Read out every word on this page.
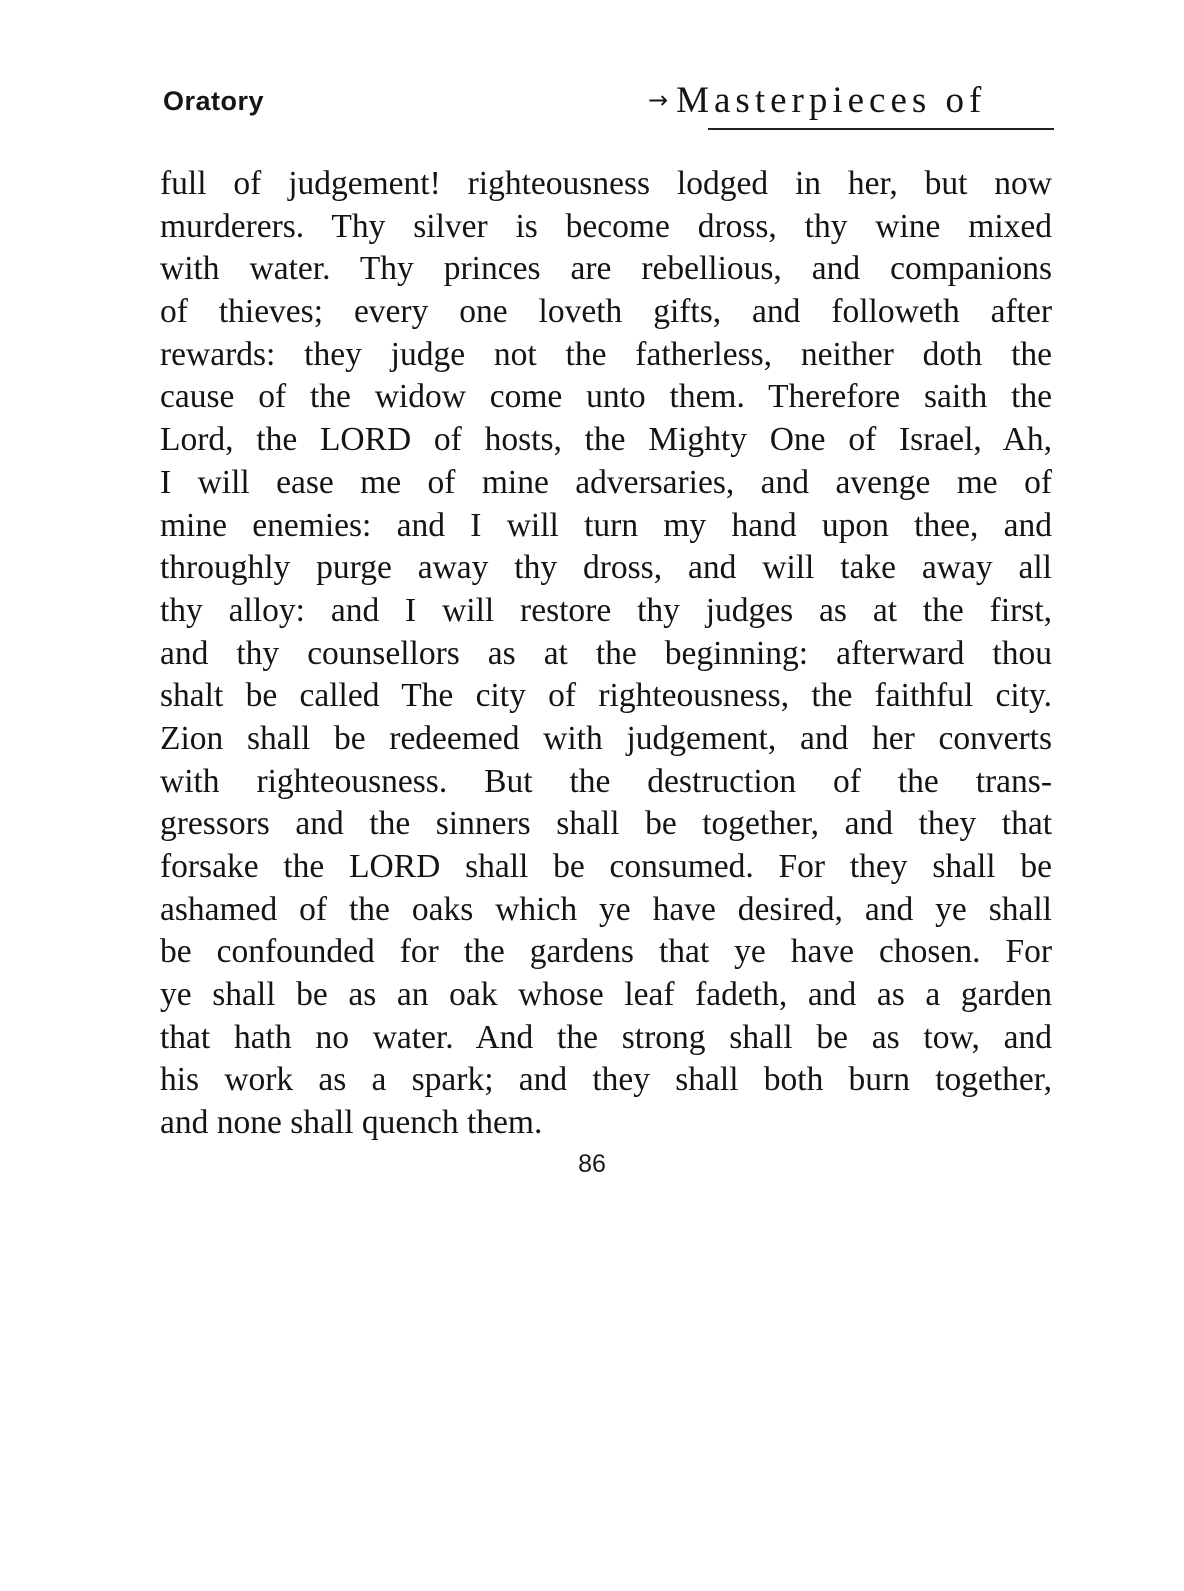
Oratory	→ Masterpieces of
full of judgement! righteousness lodged in her, but now
murderers. Thy silver is become dross, thy wine mixed
with water. Thy princes are rebellious, and companions
of thieves; every one loveth gifts, and followeth after
rewards: they judge not the fatherless, neither doth the
cause of the widow come unto them. Therefore saith the
Lord, the LORD of hosts, the Mighty One of Israel, Ah,
I will ease me of mine adversaries, and avenge me of
mine enemies: and I will turn my hand upon thee, and
throughly purge away thy dross, and will take away all
thy alloy: and I will restore thy judges as at the first,
and thy counsellors as at the beginning: afterward thou
shalt be called The city of righteousness, the faithful city.
Zion shall be redeemed with judgement, and her converts
with righteousness. But the destruction of the trans-
gressors and the sinners shall be together, and they that
forsake the LORD shall be consumed. For they shall be
ashamed of the oaks which ye have desired, and ye shall
be confounded for the gardens that ye have chosen. For
ye shall be as an oak whose leaf fadeth, and as a garden
that hath no water. And the strong shall be as tow, and
his work as a spark; and they shall both burn together,
and none shall quench them.
86
